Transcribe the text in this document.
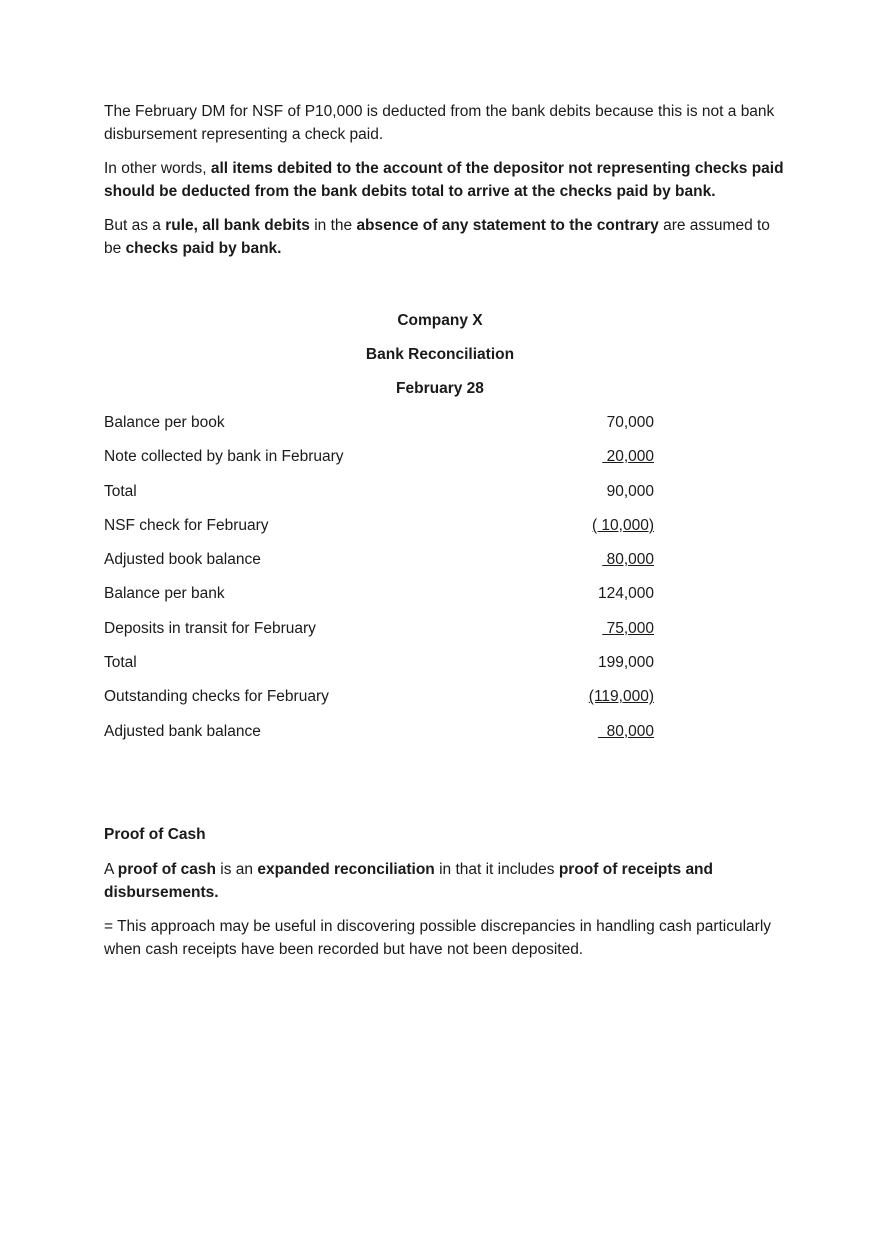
The February DM for NSF of P10,000 is deducted from the bank debits because this is not a bank disbursement representing a check paid.

In other words, all items debited to the account of the depositor not representing checks paid should be deducted from the bank debits total to arrive at the checks paid by bank.

But as a rule, all bank debits in the absence of any statement to the contrary are assumed to be checks paid by bank.

Company X
Bank Reconciliation
February 28
Balance per book	70,000
Note collected by bank in February	20,000
Total	90,000
NSF check for February	( 10,000)
Adjusted book balance	80,000
Balance per bank	124,000
Deposits in transit for February	75,000
Total	199,000
Outstanding checks for February	(119,000)
Adjusted bank balance	80,000
Proof of Cash

A proof of cash is an expanded reconciliation in that it includes proof of receipts and disbursements.

= This approach may be useful in discovering possible discrepancies in handling cash particularly when cash receipts have been recorded but have not been deposited.
